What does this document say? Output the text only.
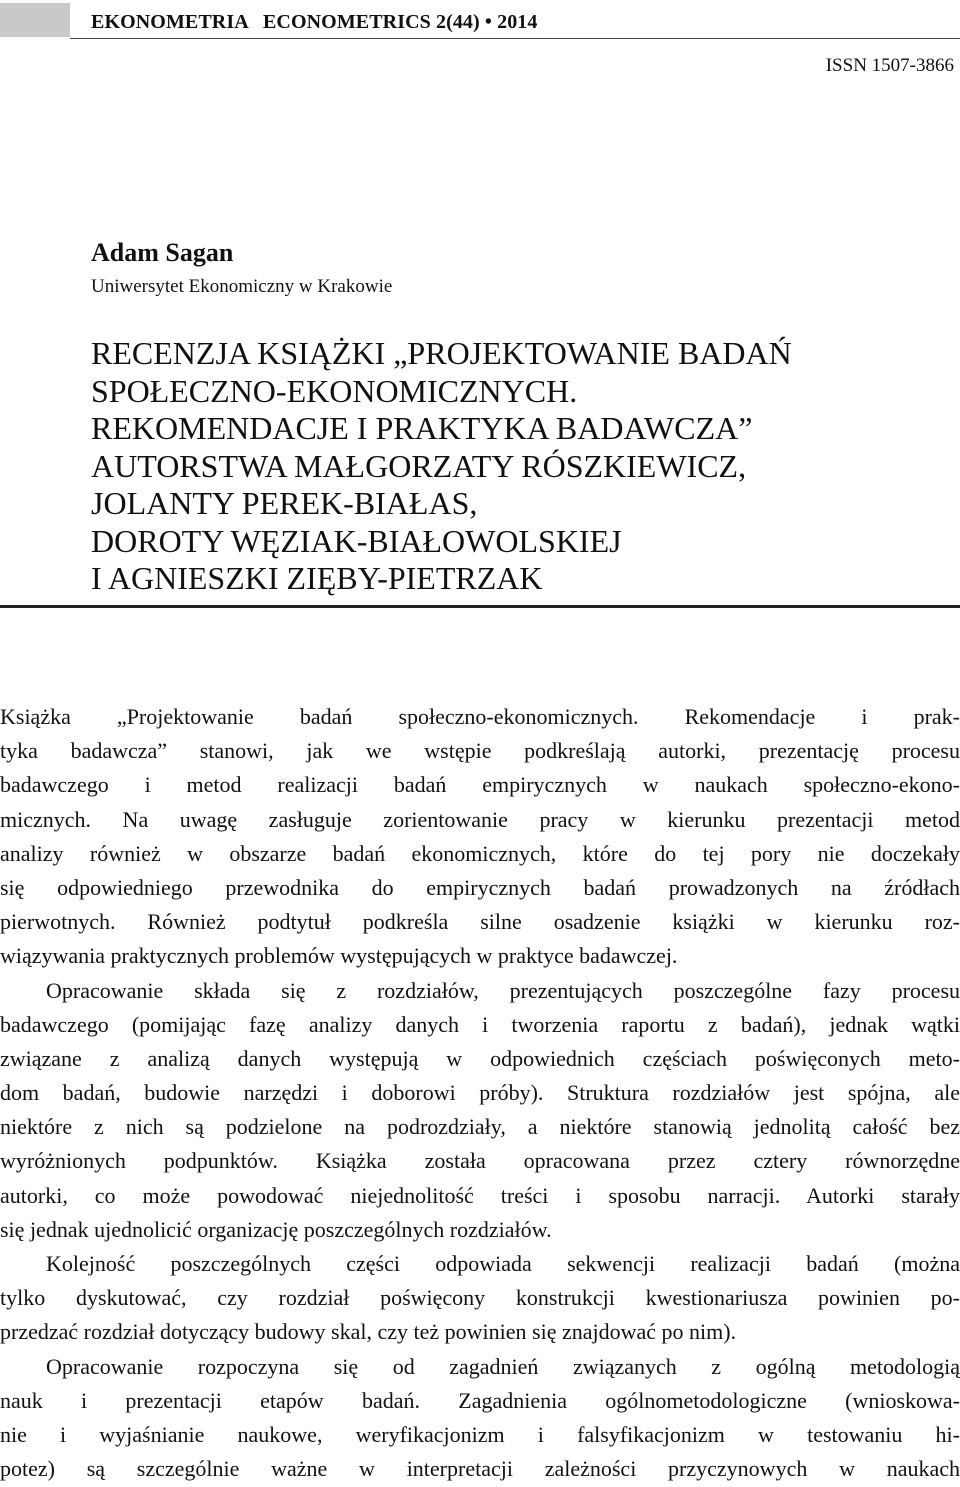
EKONOMETRIA   ECONOMETRICS 2(44) • 2014
ISSN 1507-3866
Adam Sagan
Uniwersytet Ekonomiczny w Krakowie
RECENZJA KSIĄŻKI „PROJEKTOWANIE BADAŃ
SPOŁECZNO-EKONOMICZNYCH.
REKOMENDACJE I PRAKTYKA BADAWCZA”
AUTORSTWA MAŁGORZATY RÓSZKIEWICZ,
JOLANTY PEREK-BIAŁAS,
DOROTY WĘZIAK-BIAŁOWOLSKIEJ
I AGNIESZKI ZIĘBY-PIETRZAK
Książka „Projektowanie badań społeczno-ekonomicznych. Rekomendacje i prak-
tyka badawcza” stanowi, jak we wstępie podkreślają autorki, prezentację procesu
badawczego i metod realizacji badań empirycznych w naukach społeczno-ekono-
micznych. Na uwagę zasługuje zorientowanie pracy w kierunku prezentacji metod
analizy również w obszarze badań ekonomicznych, które do tej pory nie doczekały
się odpowiedniego przewodnika do empirycznych badań prowadzonych na źródłach
pierwotnych. Również podtytuł podkreśla silne osadzenie książki w kierunku roz-
wiązywania praktycznych problemów występujących w praktyce badawczej.
Opracowanie składa się z rozdziałów, prezentujących poszczególne fazy procesu
badawczego (pomijając fazę analizy danych i tworzenia raportu z badań), jednak wątki
związane z analizą danych występują w odpowiednich częściach poświęconych meto-
dom badań, budowie narzędzi i doborowi próby). Struktura rozdziałów jest spójna, ale
niektóre z nich są podzielone na podrozdziały, a niektóre stanowią jednolitą całość bez
wyróżnionych podpunktów. Książka została opracowana przez cztery równorzędne
autorki, co może powodować niejednolitość treści i sposobu narracji. Autorki starały
się jednak ujednolicić organizację poszczególnych rozdziałów.
Kolejność poszczególnych części odpowiada sekwencji realizacji badań (można
tylko dyskutować, czy rozdział poświęcony konstrukcji kwestionariusza powinien po-
przedzać rozdział dotyczący budowy skal, czy też powinien się znajdować po nim).
Opracowanie rozpoczyna się od zagadnień związanych z ogólną metodologią
nauk i prezentacji etapów badań. Zagadnienia ogólnometodologiczne (wnioskowa-
nie i wyjaśnianie naukowe, weryfikacjonizm i falsyfikacjonizm w testowaniu hi-
potez) są szczególnie ważne w interpretacji zależności przyczynowych w naukach
